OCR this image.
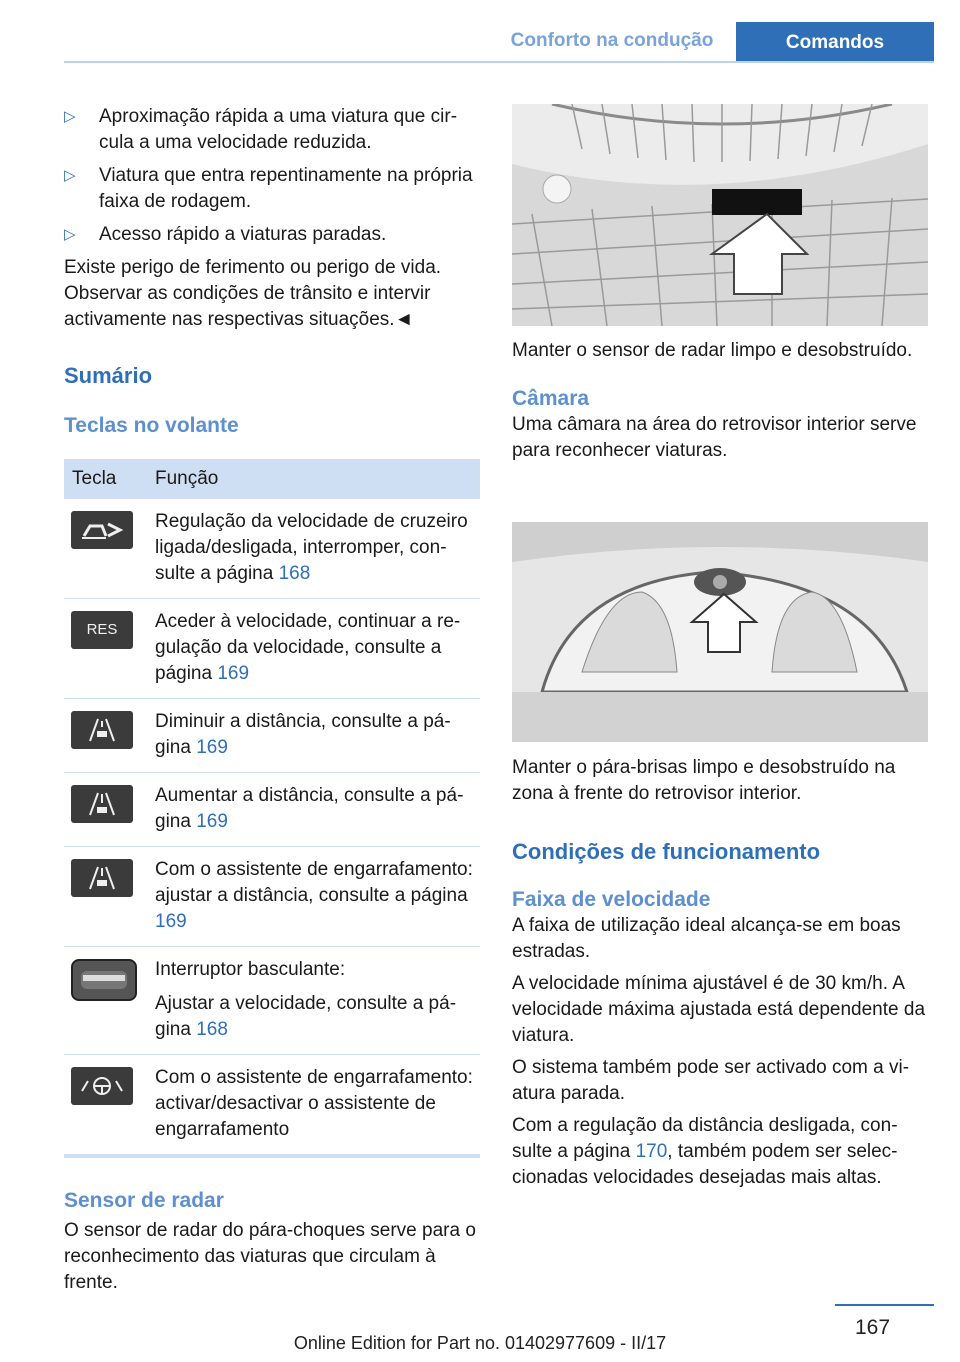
Conforto na condução	Comandos
▷ Aproximação rápida a uma viatura que circula a uma velocidade reduzida.
▷ Viatura que entra repentinamente na própria faixa de rodagem.
▷ Acesso rápido a viaturas paradas.

Existe perigo de ferimento ou perigo de vida. Observar as condições de trânsito e intervir activamente nas respectivas situações.◄

Sumário
Teclas no volante
Tecla	Função

	Regulação da velocidade de cruzeiro ligada/desligada, interromper, consulte a página 168

RES	Aceder à velocidade, continuar a regulação da velocidade, consulte a página 169

	Diminuir a distância, consulte a página 169

	Aumentar a distância, consulte a página 169

	Com o assistente de engarrafamento: ajustar a distância, consulte a página 169

Interruptor basculante:
Ajustar a velocidade, consulte a página 168

	Com o assistente de engarrafamento: activar/desactivar o assistente de engarrafamento
Sensor de radar

O sensor de radar do pára-choques serve para o reconhecimento das viaturas que circulam à frente.

Manter o sensor de radar limpo e desobstruído.

Câmara

Uma câmara na área do retrovisor interior serve para reconhecer viaturas.

Manter o pára-brisas limpo e desobstruído na zona à frente do retrovisor interior.

Condições de funcionamento
Faixa de velocidade

A faixa de utilização ideal alcança-se em boas estradas.

A velocidade mínima ajustável é de 30 km/h. A velocidade máxima ajustada está dependente da viatura.

O sistema também pode ser activado com a viatura parada.

Com a regulação da distância desligada, consulte a página 170, também podem ser seleccionadas velocidades desejadas mais altas.

167
Online Edition for Part no. 01402977609 - II/17
